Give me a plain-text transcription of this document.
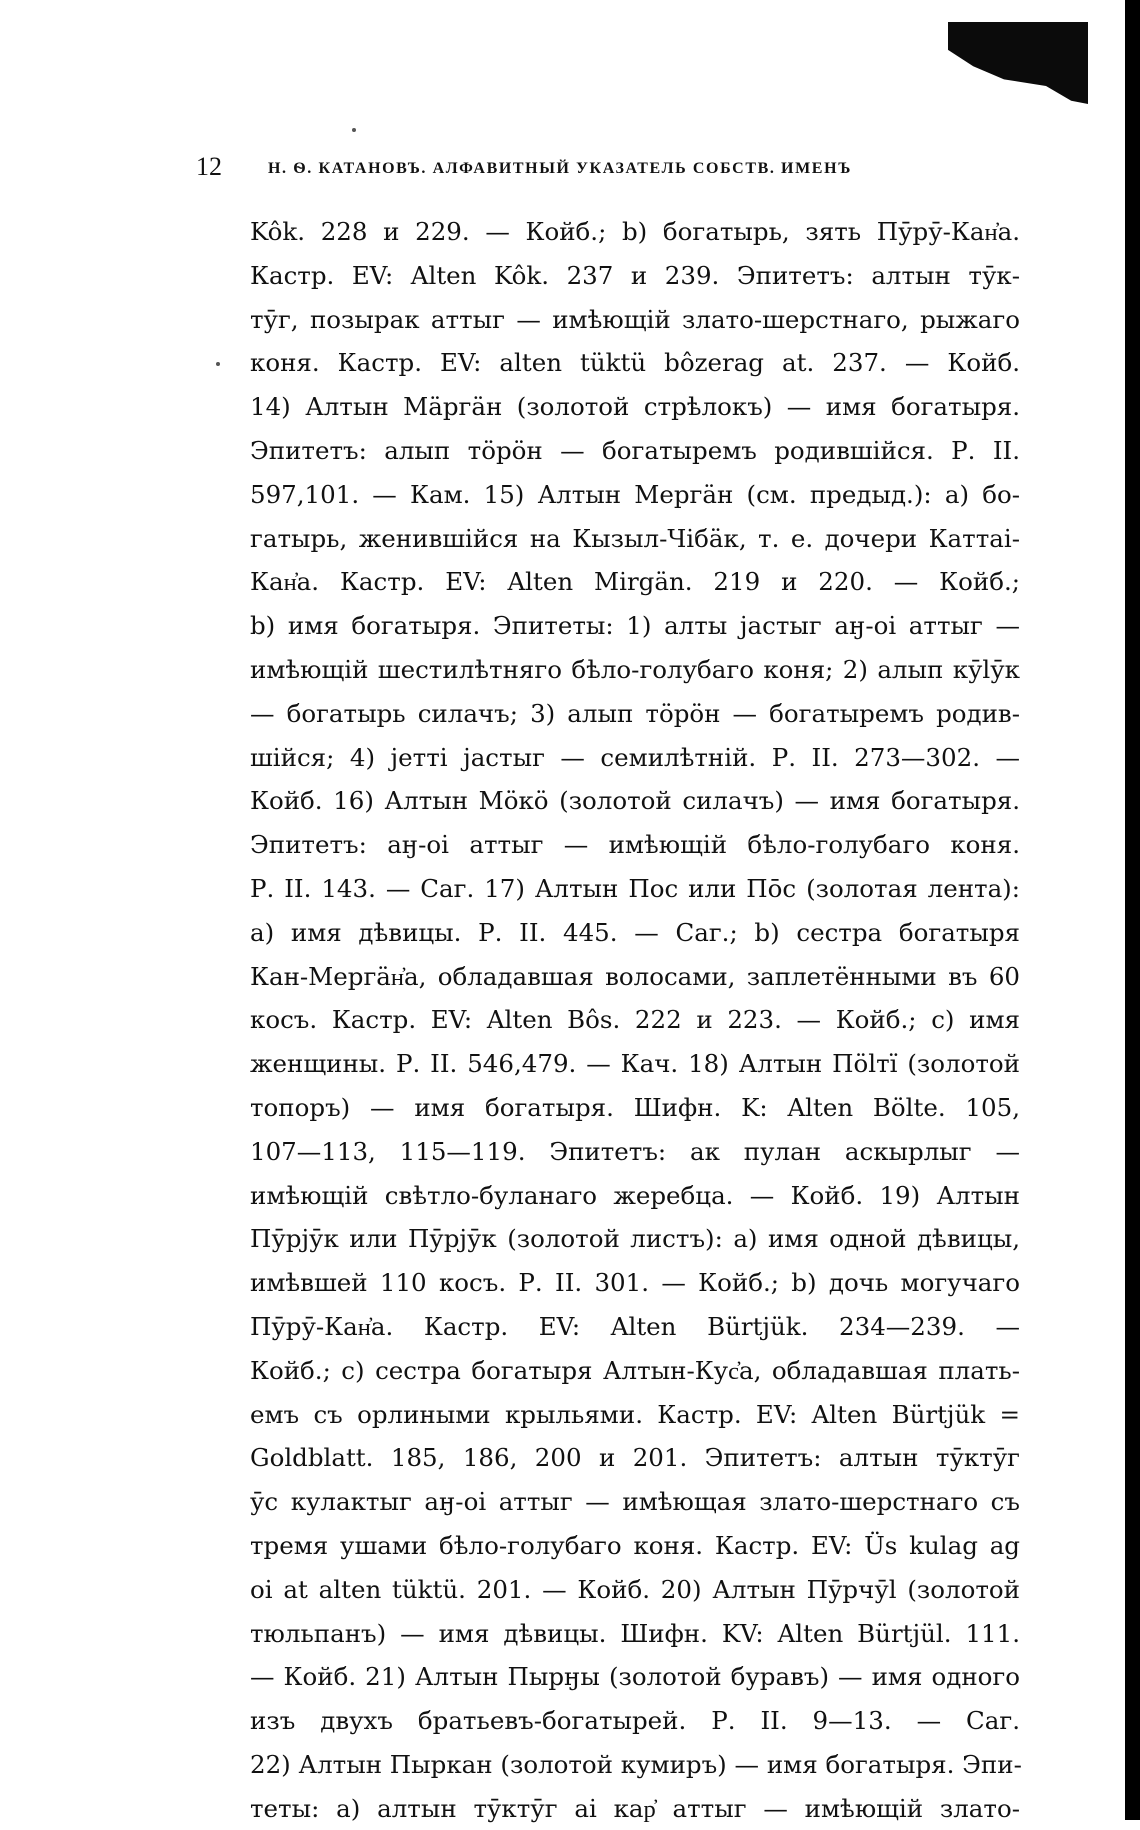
12	Н. Ѳ. КАТАНОВЪ. АЛФАВИТНЫЙ УКАЗАТЕЛЬ СОБСТВ. ИМЕНЪ
Kôk. 228 и 229. — Койб.; b) богатырь, зять Пӯрӯ-Кан҆а.
Кастр. EV: Alten Kôk. 237 и 239. Эпитетъ: алтын тӯк-
тӯг, позырак аттыг — имѣющій злато-шерстнаго, рыжаго
коня. Кастр. EV: alten tüktü bôzerag at. 237. — Койб.
14) Алтын Мäргäн (золотой стрѣлокъ) — имя богатыря.
Эпитетъ: алып тӧрӧн — богатыремъ родившійся. Р. II.
597,101. — Кам. 15) Алтын Мергäн (см. предыд.): а) бо-
гатырь, женившійся на Кызыл-Чібäк, т. е. дочери Каттаі-
Кан҆а. Кастр. EV: Alten Mirgän. 219 и 220. — Койб.;
b) имя богатыря. Эпитеты: 1) алты jастыг аӈ-оі аттыг —
имѣющій шестилѣтняго бѣло-голубаго коня; 2) алып кӯlӯк
— богатырь силачъ; 3) алып тӧрӧн — богатыремъ родив-
шійся; 4) jетті jастыг — семилѣтній. Р. II. 273—302. —
Койб. 16) Алтын Мӧкӧ (золотой силачъ) — имя богатыря.
Эпитетъ: аӈ-оі аттыг — имѣющій бѣло-голубаго коня.
Р. II. 143. — Саг. 17) Алтын Пос или Пōс (золотая лента):
а) имя дѣвицы. Р. II. 445. — Саг.; b) сестра богатыря
Кан-Мергäн҆а, обладавшая волосами, заплетёнными въ 60
косъ. Кастр. EV: Alten Bôs. 222 и 223. — Койб.; с) имя
женщины. Р. II. 546,479. — Кач. 18) Алтын Пӧlтï (золотой
топоръ) — имя богатыря. Шифн. K: Alten Bölte. 105,
107—113, 115—119. Эпитетъ: ак пулан аскырлыг —
имѣющій свѣтло-буланаго жеребца. — Койб. 19) Алтын
Пӯрjӯк или Пӯрjӯк (золотой листъ): а) имя одной дѣвицы,
имѣвшей 110 косъ. Р. II. 301. — Койб.; b) дочь могучаго
Пӯрӯ-Кан҆а. Кастр. EV: Alten Bürtjük. 234—239. —
Койб.; с) сестра богатыря Алтын-Кус҆а, обладавшая плать-
емъ съ орлиными крыльями. Кастр. EV: Alten Bürtjük =
Goldblatt. 185, 186, 200 и 201. Эпитетъ: алтын тӯктӯг
ӯс кулактыг аӈ-оі аттыг — имѣющая злато-шерстнаго съ
тремя ушами бѣло-голубаго коня. Кастр. EV: Üs kulag ag
oi at alten tüktü. 201. — Койб. 20) Алтын Пӯрчӯl (золотой
тюльпанъ) — имя дѣвицы. Шифн. KV: Alten Bürtjül. 111.
— Койб. 21) Алтын Пырӈы (золотой буравъ) — имя одного
изъ двухъ братьевъ-богатырей. Р. II. 9—13. — Саг.
22) Алтын Пыркан (золотой кумиръ) — имя богатыря. Эпи-
теты: а) алтын тӯктӯг аі кар҆ аттыг — имѣющій злато-
